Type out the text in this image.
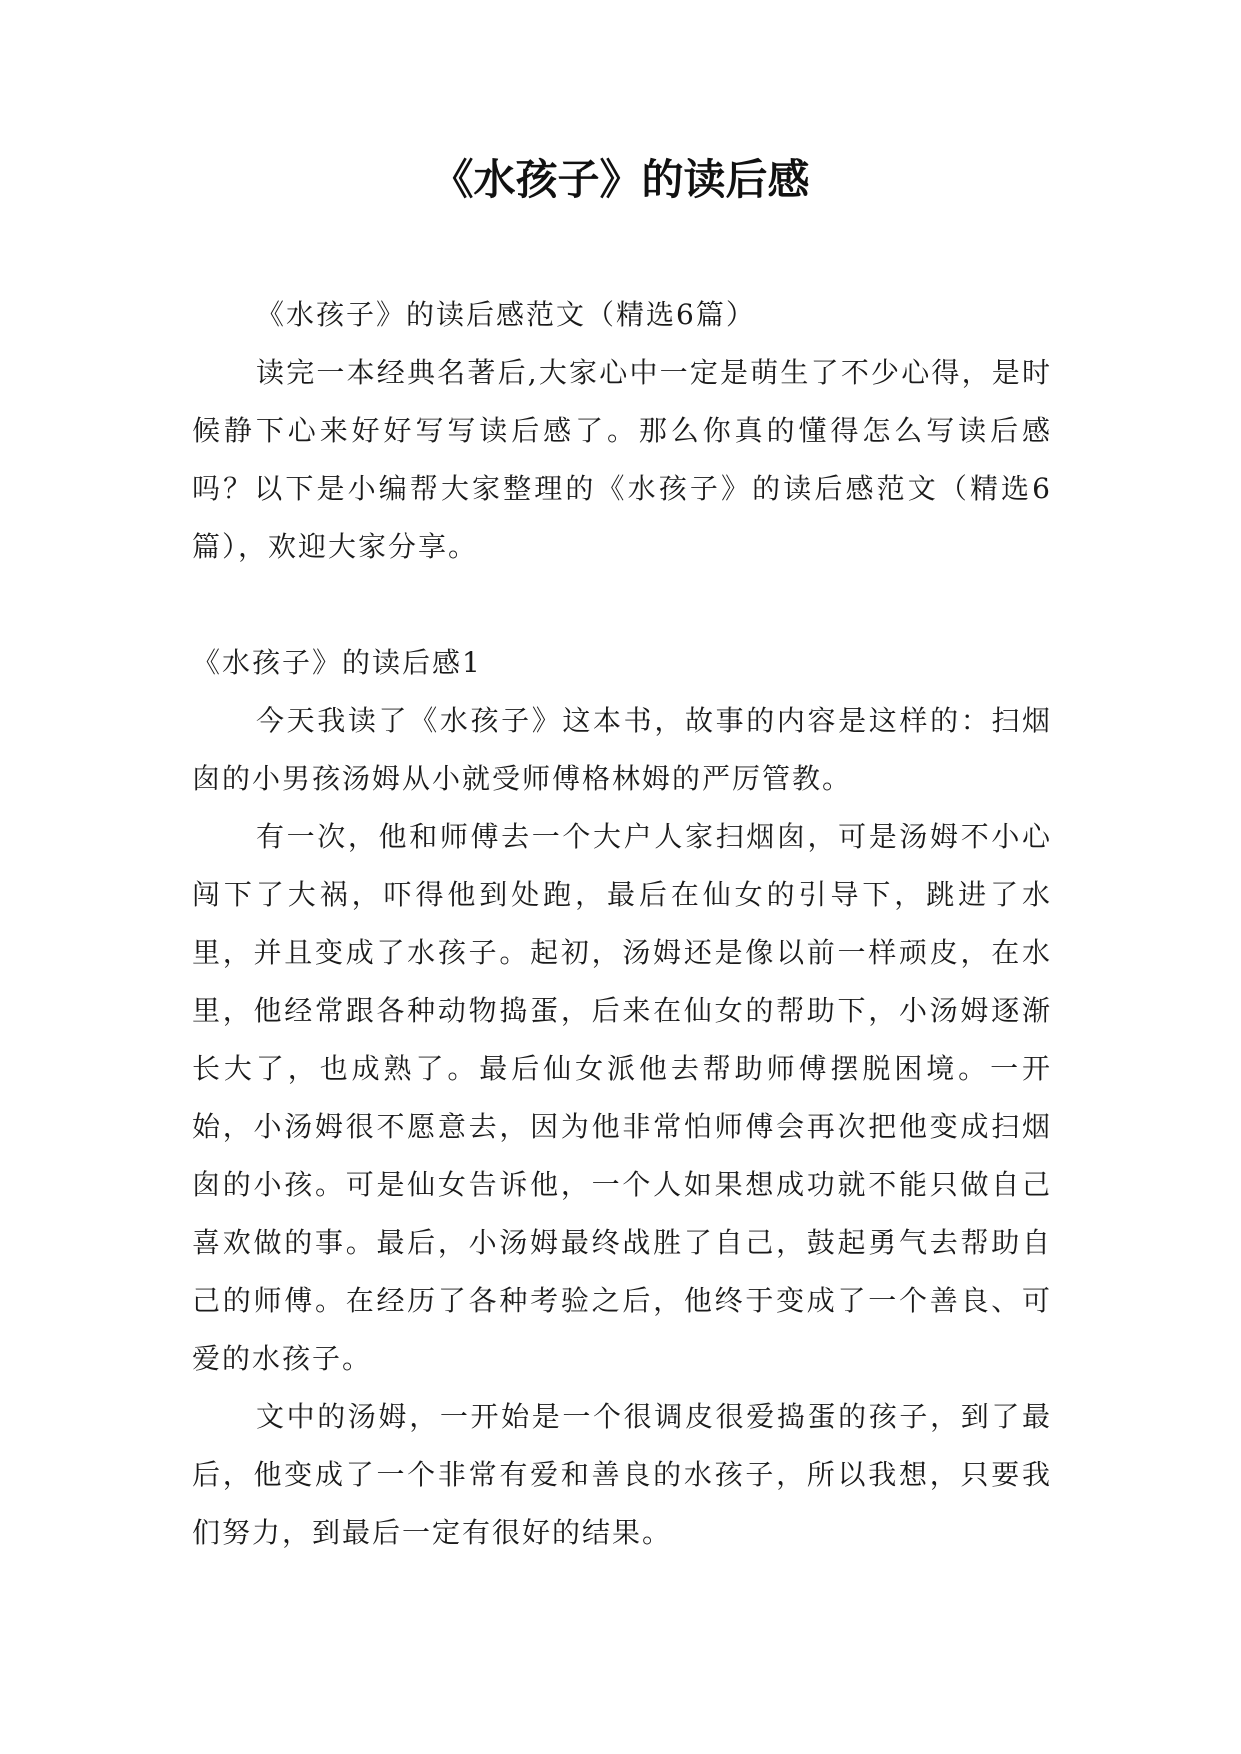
《水孩子》的读后感

《水孩子》的读后感范文（精选6篇）

读完一本经典名著后,大家心中一定是萌生了不少心得，是时候静下心来好好写写读后感了。那么你真的懂得怎么写读后感吗？以下是小编帮大家整理的《水孩子》的读后感范文（精选6篇），欢迎大家分享。

《水孩子》的读后感1

今天我读了《水孩子》这本书，故事的内容是这样的：扫烟囱的小男孩汤姆从小就受师傅格林姆的严厉管教。

有一次，他和师傅去一个大户人家扫烟囱，可是汤姆不小心闯下了大祸，吓得他到处跑，最后在仙女的引导下，跳进了水里，并且变成了水孩子。起初，汤姆还是像以前一样顽皮，在水里，他经常跟各种动物捣蛋，后来在仙女的帮助下，小汤姆逐渐长大了，也成熟了。最后仙女派他去帮助师傅摆脱困境。一开始，小汤姆很不愿意去，因为他非常怕师傅会再次把他变成扫烟囱的小孩。可是仙女告诉他，一个人如果想成功就不能只做自己喜欢做的事。最后，小汤姆最终战胜了自己，鼓起勇气去帮助自己的师傅。在经历了各种考验之后，他终于变成了一个善良、可爱的水孩子。

文中的汤姆，一开始是一个很调皮很爱捣蛋的孩子，到了最后，他变成了一个非常有爱和善良的水孩子，所以我想，只要我们努力，到最后一定有很好的结果。
